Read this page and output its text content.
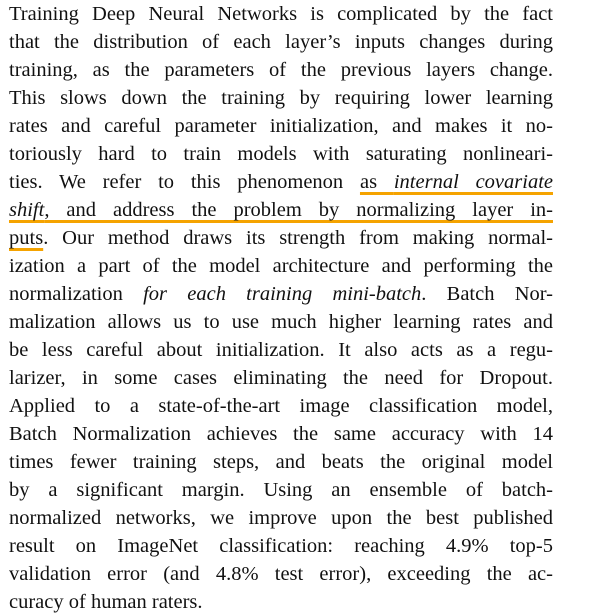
Training Deep Neural Networks is complicated by the fact
that the distribution of each layer’s inputs changes during
training, as the parameters of the previous layers change.
This slows down the training by requiring lower learning
rates and careful parameter initialization, and makes it no-
toriously hard to train models with saturating nonlineari-
ties. We refer to this phenomenon as internal covariate
shift, and address the problem by normalizing layer in-
puts. Our method draws its strength from making normal-
ization a part of the model architecture and performing the
normalization for each training mini-batch. Batch Nor-
malization allows us to use much higher learning rates and
be less careful about initialization. It also acts as a regu-
larizer, in some cases eliminating the need for Dropout.
Applied to a state-of-the-art image classification model,
Batch Normalization achieves the same accuracy with 14
times fewer training steps, and beats the original model
by a significant margin. Using an ensemble of batch-
normalized networks, we improve upon the best published
result on ImageNet classification: reaching 4.9% top-5
validation error (and 4.8% test error), exceeding the ac-
curacy of human raters.
